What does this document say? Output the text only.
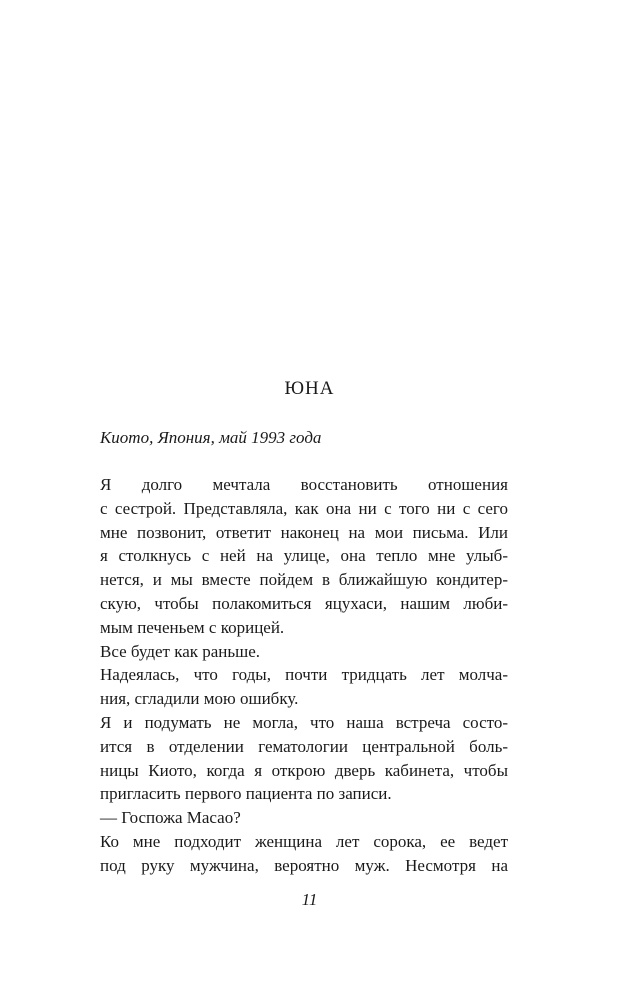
ЮНА
Киото, Япония, май 1993 года
Я долго мечтала восстановить отношения
с сестрой. Представляла, как она ни с того ни с сего
мне позвонит, ответит наконец на мои письма. Или
я столкнусь с ней на улице, она тепло мне улыб-
нется, и мы вместе пойдем в ближайшую кондитер-
скую, чтобы полакомиться яцухаси, нашим люби-
мым печеньем с корицей.
Все будет как раньше.
Надеялась, что годы, почти тридцать лет молча-
ния, сгладили мою ошибку.
Я и подумать не могла, что наша встреча состо-
ится в отделении гематологии центральной боль-
ницы Киото, когда я открою дверь кабинета, чтобы
пригласить первого пациента по записи.
— Госпожа Масао?
Ко мне подходит женщина лет сорока, ее ведет
под руку мужчина, вероятно муж. Несмотря на
11
